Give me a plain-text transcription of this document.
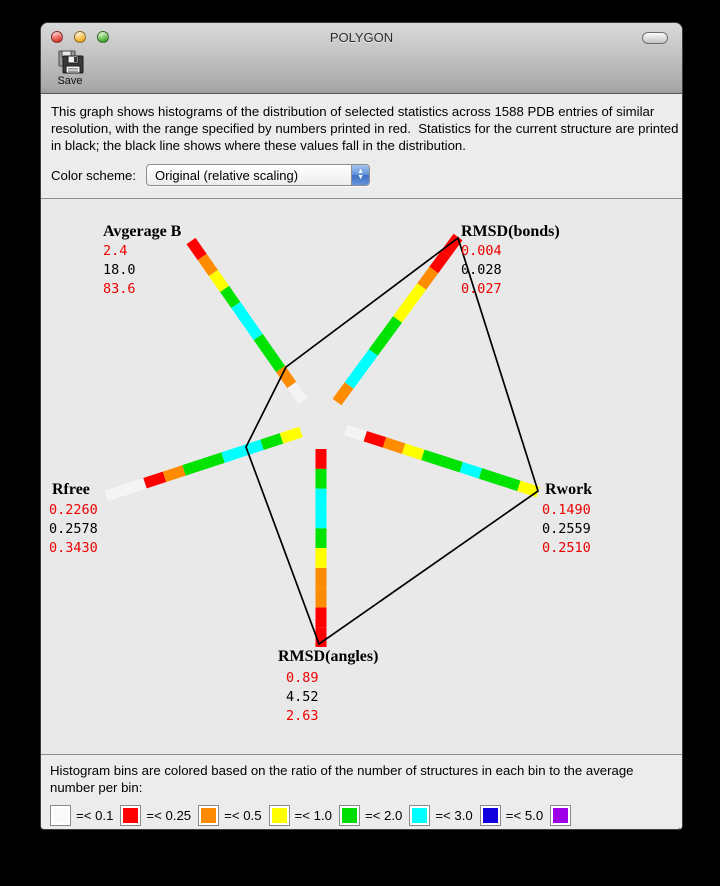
POLYGON
Save
This graph shows histograms of the distribution of selected statistics across 1588 PDB entries of similar resolution, with the range specified by numbers printed in red.  Statistics for the current structure are printed in black; the black line shows where these values fall in the distribution.
Color scheme:	Original (relative scaling)	▲
▼
Avgerage B
2.4
18.0
83.6
RMSD(bonds)
0.004
0.028
0.027
Rwork
0.1490
0.2559
0.2510
RMSD(angles)
0.89
4.52
2.63
Rfree
0.2260
0.2578
0.3430
Histogram bins are colored based on the ratio of the number of structures in each bin to the average number per bin:
=< 0.1	=< 0.25	=< 0.5	=< 1.0	=< 2.0	=< 3.0	=< 5.0
